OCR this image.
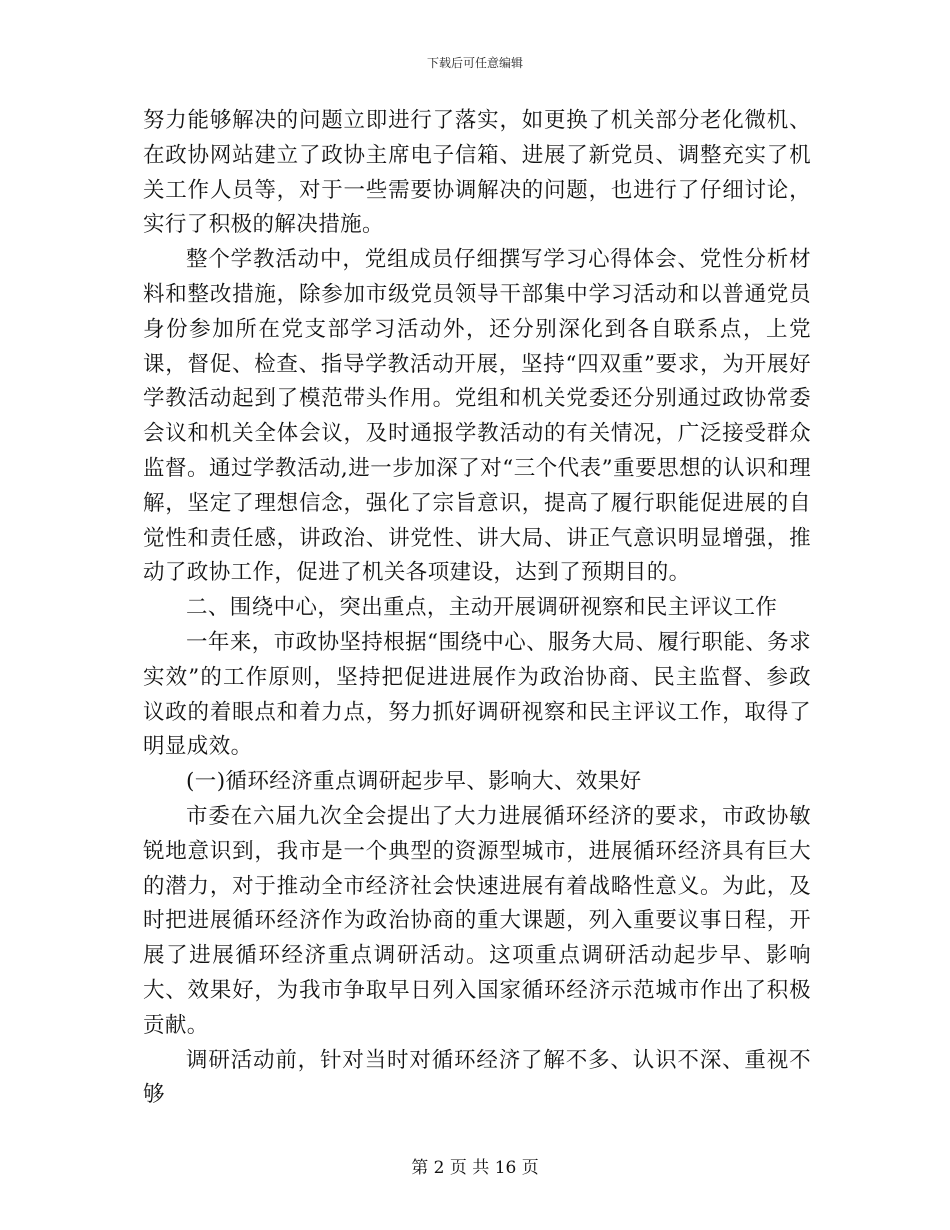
下载后可任意编辑

努力能够解决的问题立即进行了落实，如更换了机关部分老化微机、在政协网站建立了政协主席电子信箱、进展了新党员、调整充实了机关工作人员等，对于一些需要协调解决的问题，也进行了仔细讨论，实行了积极的解决措施。

整个学教活动中，党组成员仔细撰写学习心得体会、党性分析材料和整改措施，除参加市级党员领导干部集中学习活动和以普通党员身份参加所在党支部学习活动外，还分别深化到各自联系点，上党课，督促、检查、指导学教活动开展，坚持“四双重”要求，为开展好学教活动起到了模范带头作用。党组和机关党委还分别通过政协常委会议和机关全体会议，及时通报学教活动的有关情况，广泛接受群众监督。通过学教活动,进一步加深了对“三个代表”重要思想的认识和理解，坚定了理想信念，强化了宗旨意识，提高了履行职能促进展的自觉性和责任感，讲政治、讲党性、讲大局、讲正气意识明显增强，推动了政协工作，促进了机关各项建设，达到了预期目的。

二、围绕中心，突出重点，主动开展调研视察和民主评议工作

一年来，市政协坚持根据“围绕中心、服务大局、履行职能、务求实效”的工作原则，坚持把促进进展作为政治协商、民主监督、参政议政的着眼点和着力点，努力抓好调研视察和民主评议工作，取得了明显成效。

(一)循环经济重点调研起步早、影响大、效果好

市委在六届九次全会提出了大力进展循环经济的要求，市政协敏锐地意识到，我市是一个典型的资源型城市，进展循环经济具有巨大的潜力，对于推动全市经济社会快速进展有着战略性意义。为此，及时把进展循环经济作为政治协商的重大课题，列入重要议事日程，开展了进展循环经济重点调研活动。这项重点调研活动起步早、影响大、效果好，为我市争取早日列入国家循环经济示范城市作出了积极贡献。

调研活动前，针对当时对循环经济了解不多、认识不深、重视不够

第 2 页 共 16 页
